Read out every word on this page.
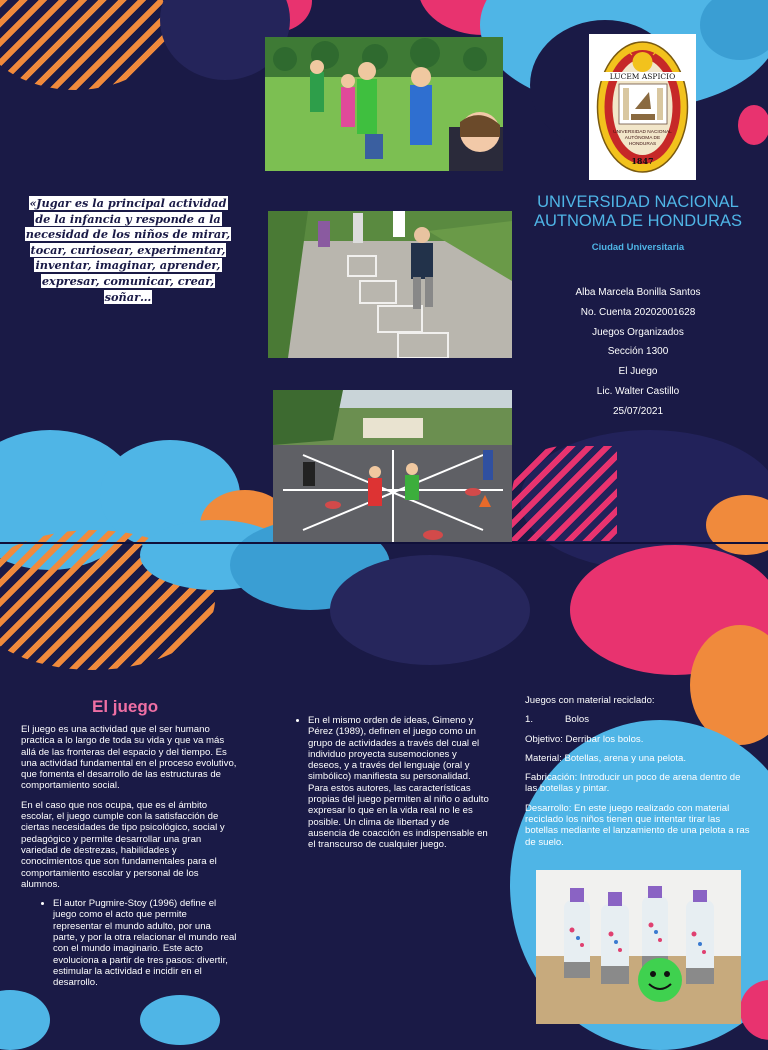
«Jugar es la principal actividad de la infancia y responde a la necesidad de los niños de mirar, tocar, curiosear, experimentar, inventar, imaginar, aprender, expresar, comunicar, crear, soñar…
LUCEM ASPICIO
UNIVERSIDAD NACIONAL AUTÓNOMA DE HONDURAS
1847
UNIVERSIDAD NACIONAL AUTNOMA DE HONDURAS
Ciudad Universitaria
Alba Marcela Bonilla Santos
No. Cuenta 20202001628
Juegos Organizados
Sección 1300
El Juego
Lic. Walter Castillo
25/07/2021
El juego

El juego es una actividad que el ser humano practica a lo largo de toda su vida y que va más allá de las fronteras del espacio y del tiempo. Es una actividad fundamental en el proceso evolutivo, que fomenta el desarrollo de las estructuras de comportamiento social.

En el caso que nos ocupa, que es el ámbito escolar, el juego cumple con la satisfacción de ciertas necesidades de tipo psicológico, social y pedagógico y permite desarrollar una gran variedad de destrezas, habilidades y conocimientos que son fundamentales para el comportamiento escolar y personal de los alumnos.

• El autor Pugmire-Stoy (1996) define el juego como el acto que permite representar el mundo adulto, por una parte, y por la otra relacionar el mundo real con el mundo imaginario. Este acto evoluciona a partir de tres pasos: divertir, estimular la actividad e incidir en el desarrollo.
• En el mismo orden de ideas, Gimeno y Pérez (1989), definen el juego como un grupo de actividades a través del cual el individuo proyecta susemociones y deseos, y a través del lenguaje (oral y simbólico) manifiesta su personalidad. Para estos autores, las características propias del juego permiten al niño o adulto expresar lo que en la vida real no le es posible. Un clima de libertad y de ausencia de coacción es indispensable en el transcurso de cualquier juego.

Juegos con material reciclado:

1.	Bolos

Objetivo: Derribar los bolos.

Material: Botellas, arena y una pelota.

Fabricación: Introducir un poco de arena dentro de las botellas y pintar.

Desarrollo: En este juego realizado con material reciclado los niños tienen que intentar tirar las botellas mediante el lanzamiento de una pelota a ras de suelo.
